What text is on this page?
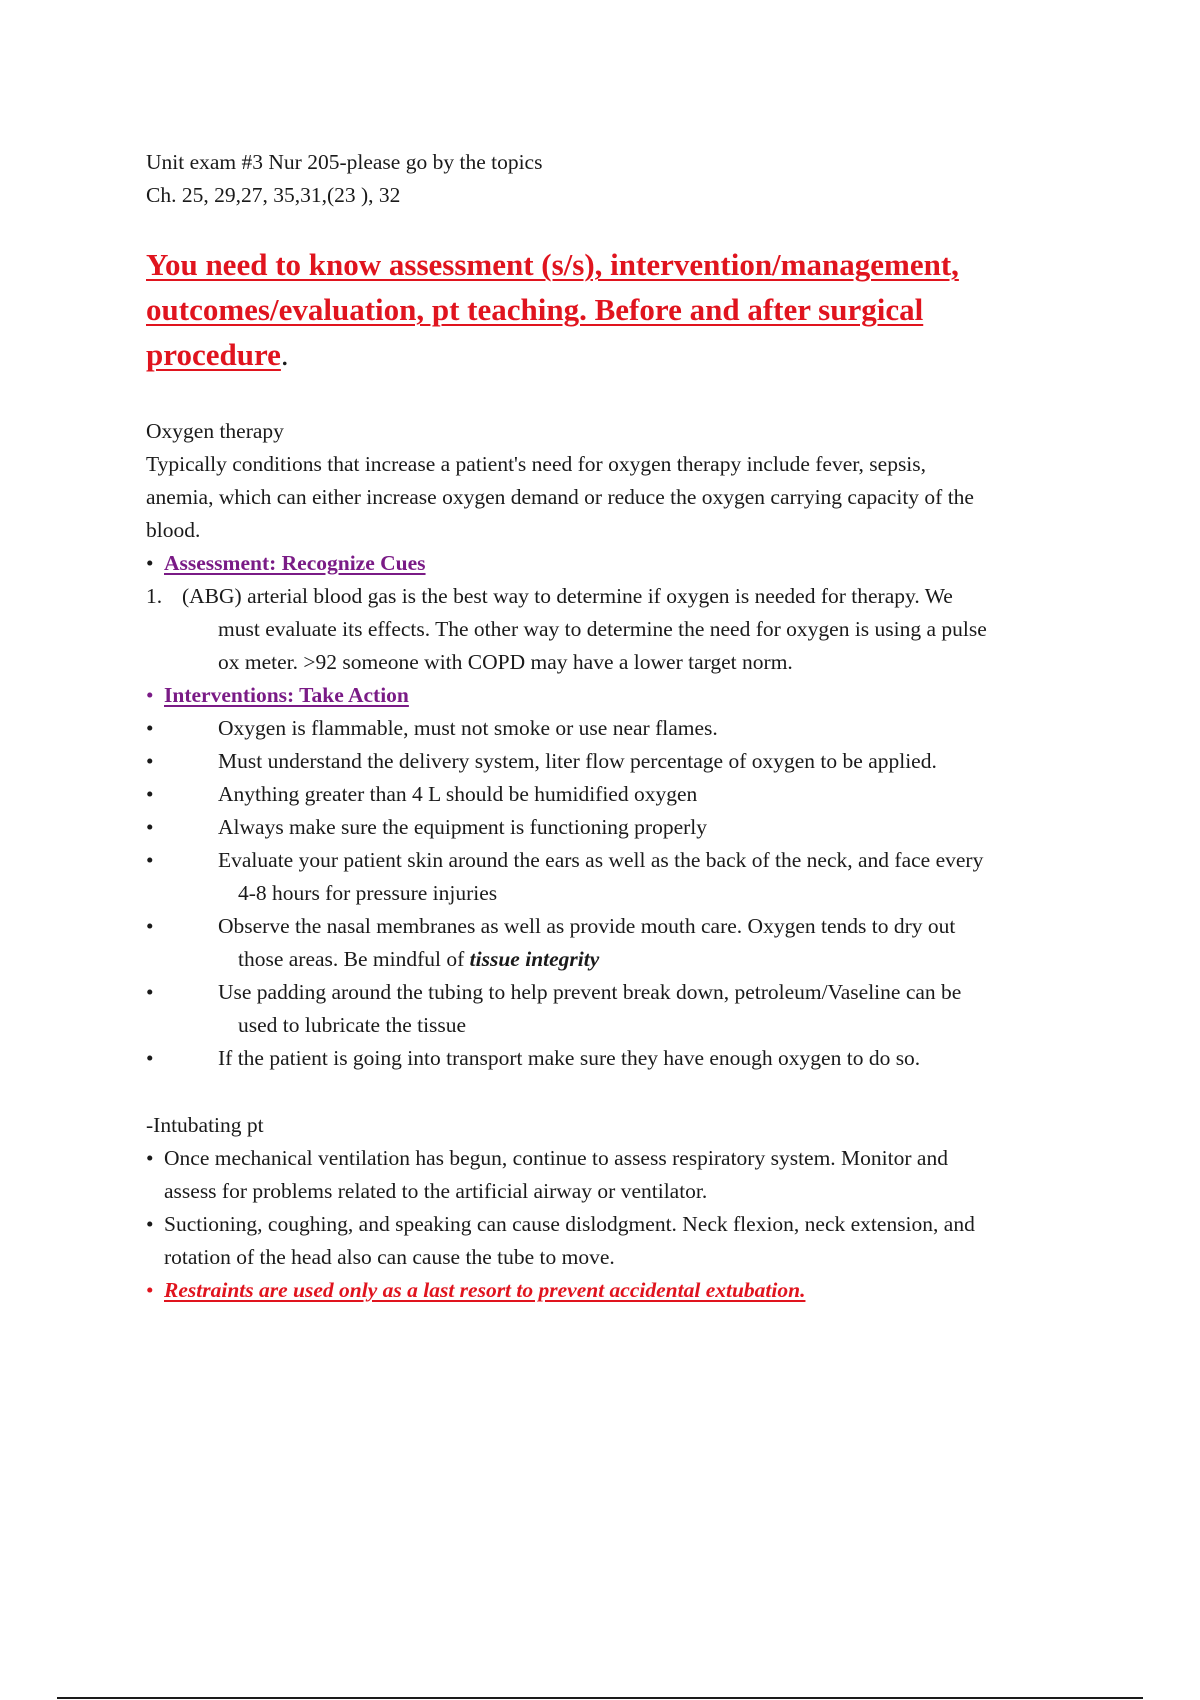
Unit exam #3 Nur 205-please go by the topics

Ch. 25, 29,27, 35,31,(23 ), 32

You need to know assessment (s/s), intervention/management,
outcomes/evaluation, pt teaching. Before and after surgical
procedure.

Oxygen therapy

Typically conditions that increase a patient's need for oxygen therapy include fever, sepsis,

anemia, which can either increase oxygen demand or reduce the oxygen carrying capacity of the

blood.

• Assessment: Recognize Cues
1. (ABG) arterial blood gas is the best way to determine if oxygen is needed for therapy. We
must evaluate its effects. The other way to determine the need for oxygen is using a pulse
ox meter. >92 someone with COPD may have a lower target norm.
• Interventions: Take Action
•	Oxygen is flammable, must not smoke or use near flames.
•	Must understand the delivery system, liter flow percentage of oxygen to be applied.
•	Anything greater than 4 L should be humidified oxygen
•	Always make sure the equipment is functioning properly
•	Evaluate your patient skin around the ears as well as the back of the neck, and face every
4-8 hours for pressure injuries
•	Observe the nasal membranes as well as provide mouth care. Oxygen tends to dry out
those areas. Be mindful of tissue integrity
•	Use padding around the tubing to help prevent break down, petroleum/Vaseline can be
used to lubricate the tissue
•	If the patient is going into transport make sure they have enough oxygen to do so.

-Intubating pt

• Once mechanical ventilation has begun, continue to assess respiratory system. Monitor and
assess for problems related to the artificial airway or ventilator.
• Suctioning, coughing, and speaking can cause dislodgment. Neck flexion, neck extension, and
rotation of the head also can cause the tube to move.
• Restraints are used only as a last resort to prevent accidental extubation.
